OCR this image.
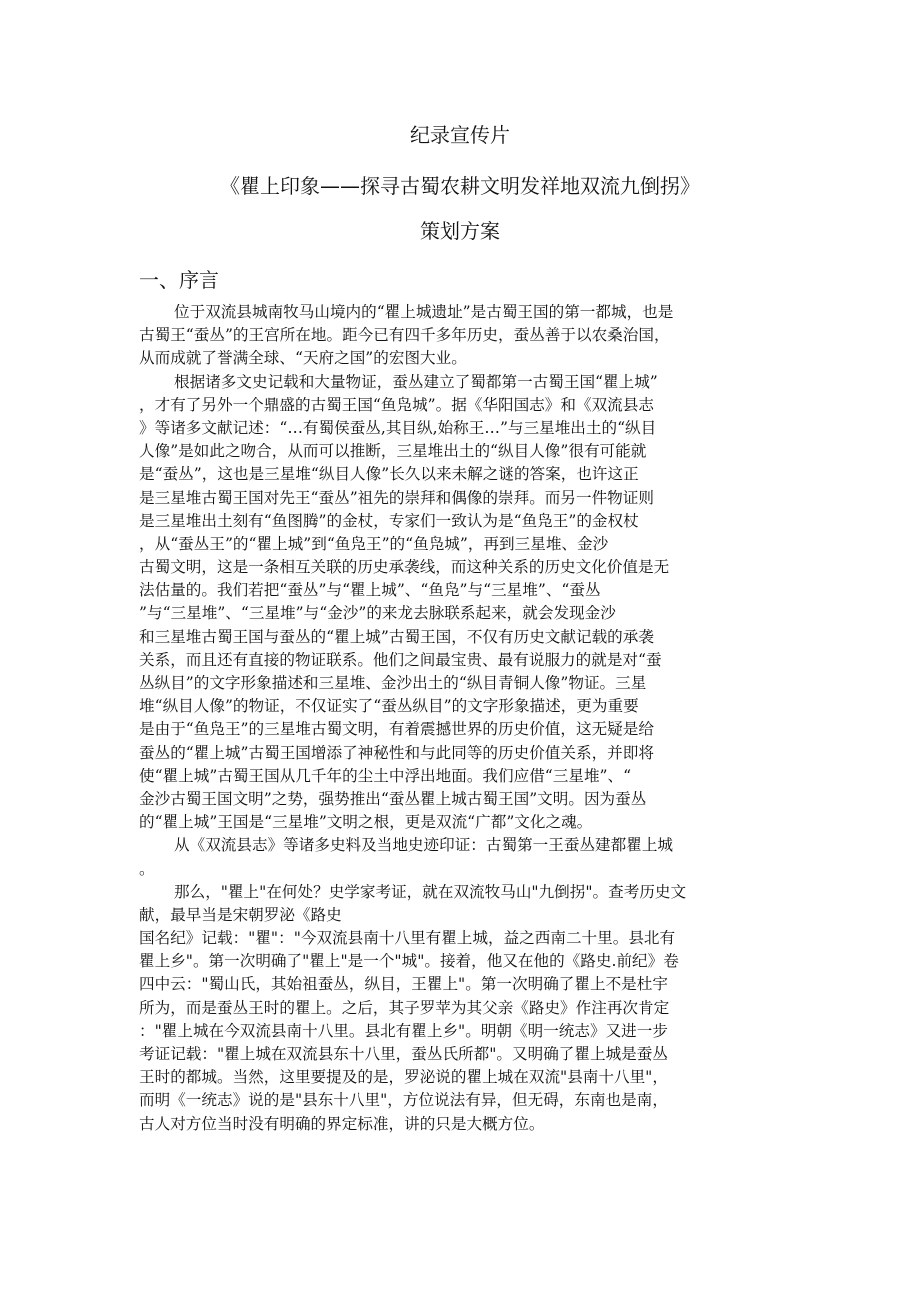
纪录宣传片
《瞿上印象——探寻古蜀农耕文明发祥地双流九倒拐》
策划方案
一、序言
位于双流县城南牧马山境内的“瞿上城遗址”是古蜀王国的第一都城，也是
古蜀王“蚕丛”的王宫所在地。距今已有四千多年历史，蚕丛善于以农桑治国，
从而成就了誉满全球、“天府之国”的宏图大业。
根据诸多文史记载和大量物证，蚕丛建立了蜀都第一古蜀王国“瞿上城”
，才有了另外一个鼎盛的古蜀王国“鱼凫城”。据《华阳国志》和《双流县志
》等诸多文献记述：“…有蜀侯蚕丛,其目纵,始称王…”与三星堆出土的“纵目
人像”是如此之吻合，从而可以推断，三星堆出土的“纵目人像”很有可能就
是“蚕丛”，这也是三星堆“纵目人像”长久以来未解之谜的答案，也许这正
是三星堆古蜀王国对先王“蚕丛”祖先的崇拜和偶像的崇拜。而另一件物证则
是三星堆出土刻有“鱼图腾”的金杖，专家们一致认为是“鱼凫王”的金权杖
，从“蚕丛王”的“瞿上城”到“鱼凫王”的“鱼凫城”，再到三星堆、金沙
古蜀文明，这是一条相互关联的历史承袭线，而这种关系的历史文化价值是无
法估量的。我们若把“蚕丛”与“瞿上城”、“鱼凫”与“三星堆”、“蚕丛
”与“三星堆”、“三星堆”与“金沙”的来龙去脉联系起来，就会发现金沙
和三星堆古蜀王国与蚕丛的“瞿上城”古蜀王国，不仅有历史文献记载的承袭
关系，而且还有直接的物证联系。他们之间最宝贵、最有说服力的就是对“蚕
丛纵目”的文字形象描述和三星堆、金沙出土的“纵目青铜人像”物证。三星
堆“纵目人像”的物证，不仅证实了“蚕丛纵目”的文字形象描述，更为重要
是由于“鱼凫王”的三星堆古蜀文明，有着震撼世界的历史价值，这无疑是给
蚕丛的“瞿上城”古蜀王国增添了神秘性和与此同等的历史价值关系，并即将
使“瞿上城”古蜀王国从几千年的尘土中浮出地面。我们应借“三星堆”、“
金沙古蜀王国文明”之势，强势推出“蚕丛瞿上城古蜀王国”文明。因为蚕丛
的“瞿上城”王国是“三星堆”文明之根，更是双流“广都”文化之魂。
从《双流县志》等诸多史料及当地史迹印证：古蜀第一王蚕丛建都瞿上城
。
那么，"瞿上"在何处？史学家考证，就在双流牧马山"九倒拐"。查考历史文
献，最早当是宋朝罗泌《路史
国名纪》记载："瞿"："今双流县南十八里有瞿上城，益之西南二十里。县北有
瞿上乡"。第一次明确了"瞿上"是一个"城"。接着，他又在他的《路史.前纪》卷
四中云："蜀山氏，其始祖蚕丛，纵目，王瞿上"。第一次明确了瞿上不是杜宇
所为，而是蚕丛王时的瞿上。之后，其子罗苹为其父亲《路史》作注再次肯定
："瞿上城在今双流县南十八里。县北有瞿上乡"。明朝《明一统志》又进一步
考证记载："瞿上城在双流县东十八里，蚕丛氏所都"。又明确了瞿上城是蚕丛
王时的都城。当然，这里要提及的是，罗泌说的瞿上城在双流"县南十八里"，
而明《一统志》说的是"县东十八里"，方位说法有异，但无碍，东南也是南，
古人对方位当时没有明确的界定标准，讲的只是大概方位。
